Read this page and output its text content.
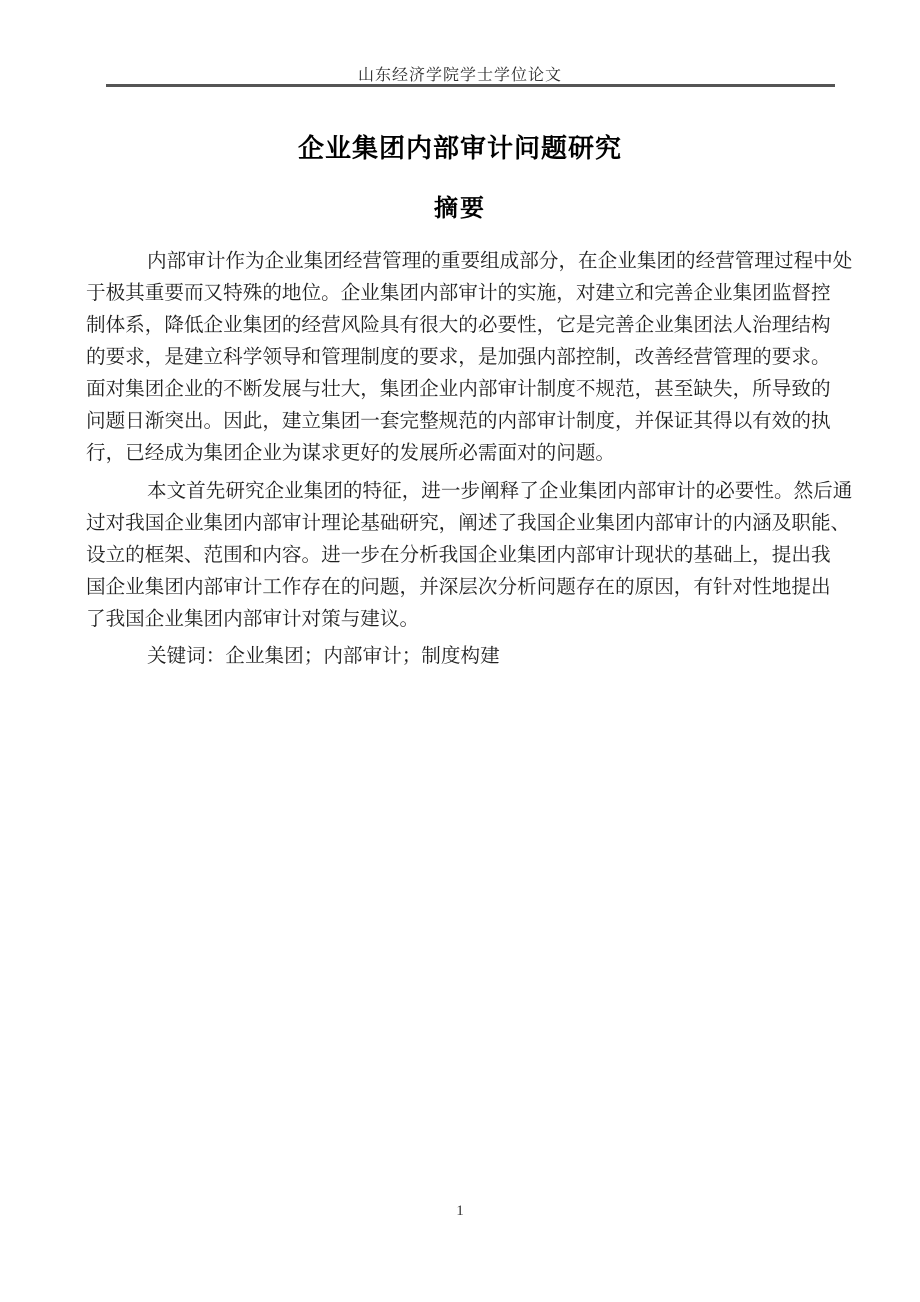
山东经济学院学士学位论文
企业集团内部审计问题研究
摘要
内部审计作为企业集团经营管理的重要组成部分，在企业集团的经营管理过程中处
于极其重要而又特殊的地位。企业集团内部审计的实施，对建立和完善企业集团监督控
制体系，降低企业集团的经营风险具有很大的必要性，它是完善企业集团法人治理结构
的要求，是建立科学领导和管理制度的要求，是加强内部控制，改善经营管理的要求。
面对集团企业的不断发展与壮大，集团企业内部审计制度不规范，甚至缺失，所导致的
问题日渐突出。因此，建立集团一套完整规范的内部审计制度，并保证其得以有效的执
行，已经成为集团企业为谋求更好的发展所必需面对的问题。
本文首先研究企业集团的特征，进一步阐释了企业集团内部审计的必要性。然后通
过对我国企业集团内部审计理论基础研究，阐述了我国企业集团内部审计的内涵及职能、
设立的框架、范围和内容。进一步在分析我国企业集团内部审计现状的基础上，提出我
国企业集团内部审计工作存在的问题，并深层次分析问题存在的原因，有针对性地提出
了我国企业集团内部审计对策与建议。
关键词：企业集团；内部审计；制度构建
1
